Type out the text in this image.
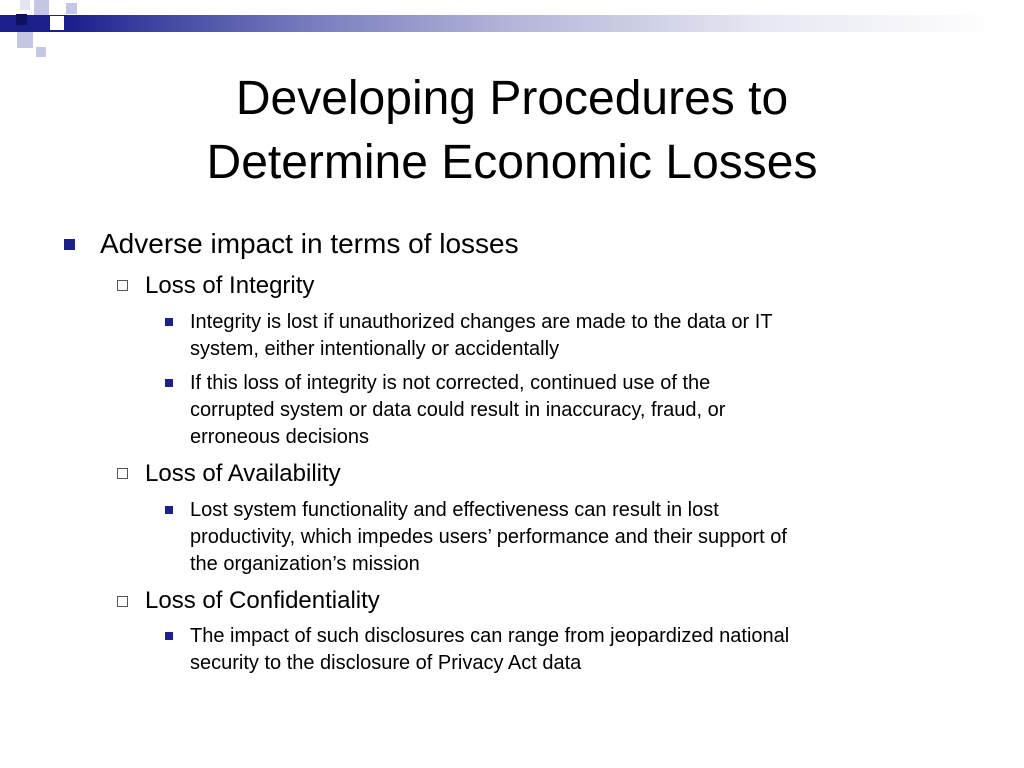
Developing Procedures to
Determine Economic Losses
Adverse impact in terms of losses
Loss of Integrity
Integrity is lost if unauthorized changes are made to the data or IT
system, either intentionally or accidentally
If this loss of integrity is not corrected, continued use of the
corrupted system or data could result in inaccuracy, fraud, or
erroneous decisions
Loss of Availability
Lost system functionality and effectiveness can result in lost
productivity, which impedes users’ performance and their support of
the organization’s mission
Loss of Confidentiality
The impact of such disclosures can range from jeopardized national
security to the disclosure of Privacy Act data
